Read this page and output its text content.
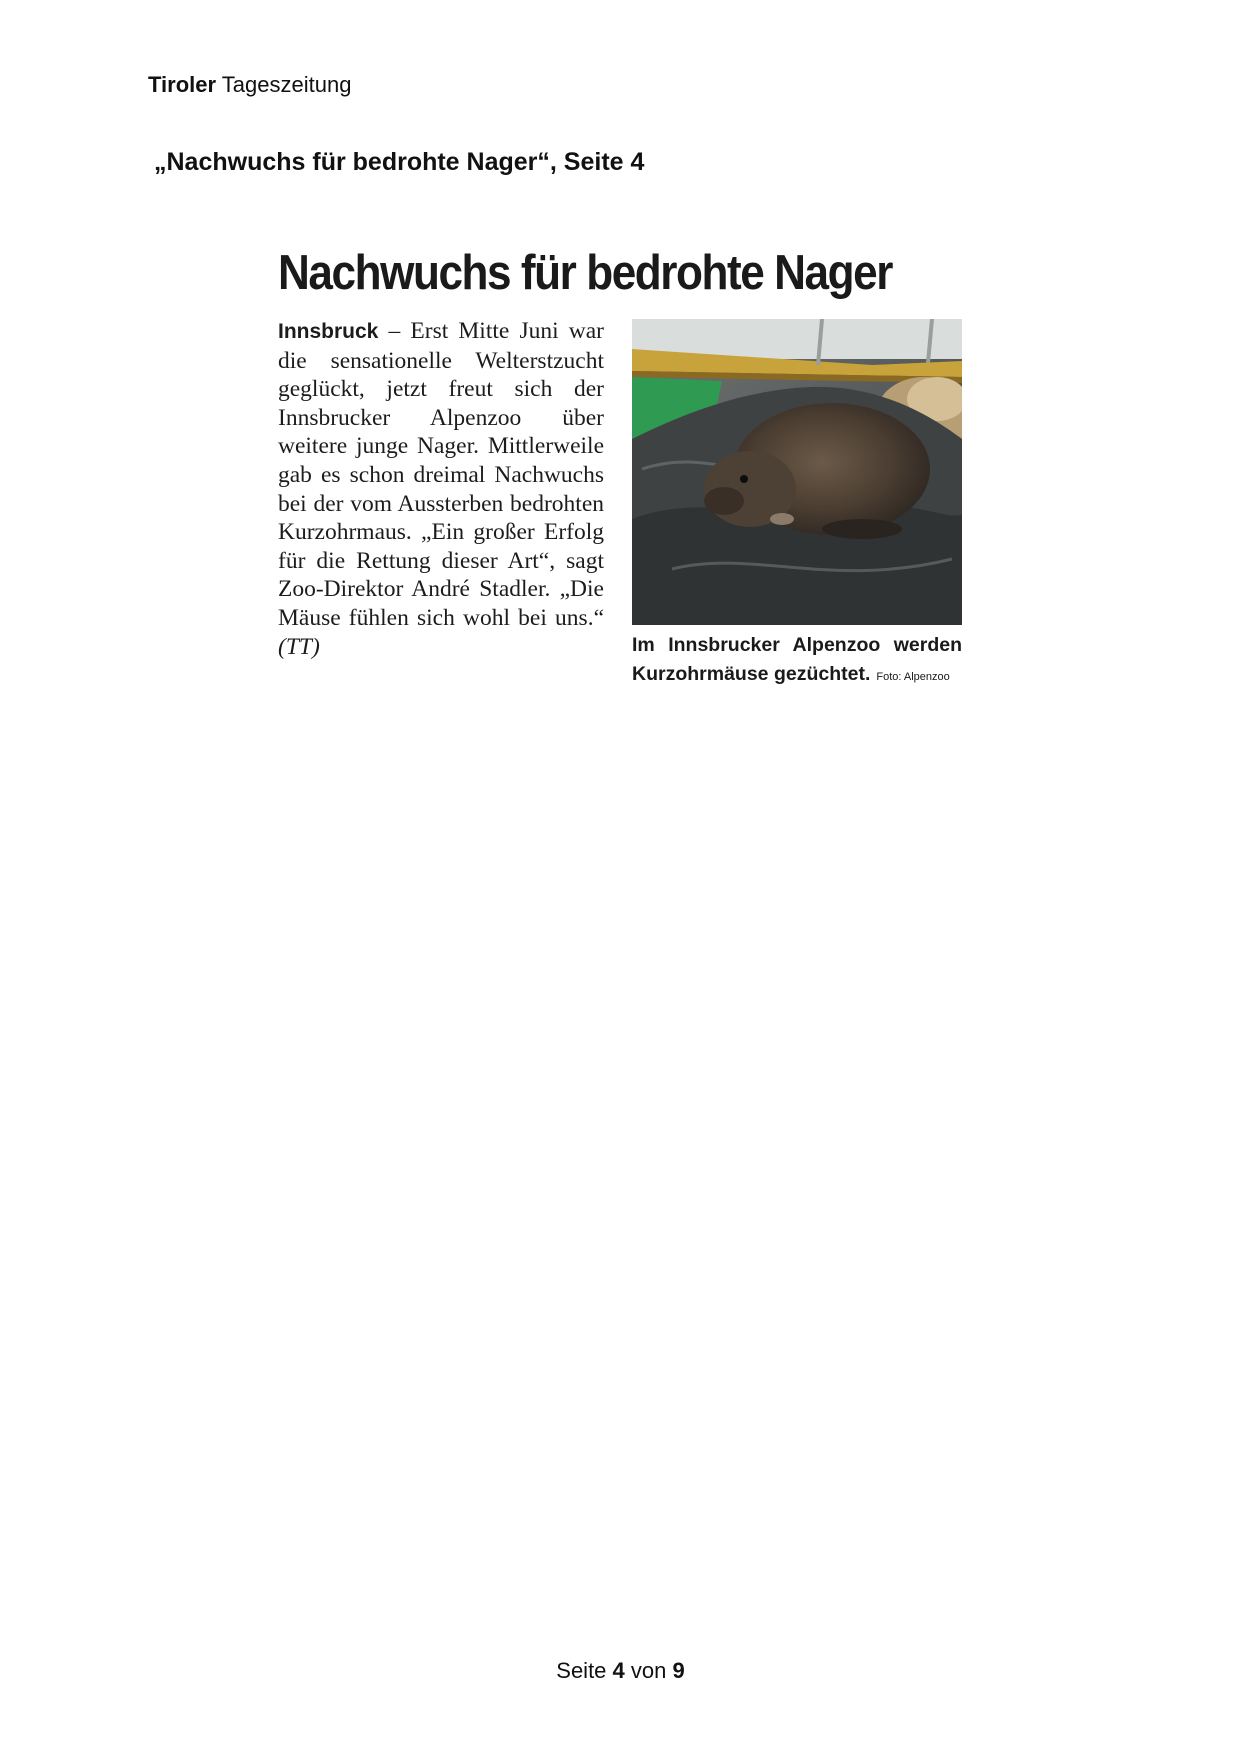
Tiroler Tageszeitung
„Nachwuchs für bedrohte Nager“, Seite 4
Nachwuchs für bedrohte Nager
Innsbruck – Erst Mitte Juni war die sensationelle Welterstzucht geglückt, jetzt freut sich der Innsbrucker Alpenzoo über weitere junge Nager. Mittlerweile gab es schon dreimal Nachwuchs bei der vom Aussterben bedrohten Kurzohrmaus. „Ein großer Erfolg für die Rettung dieser Art“, sagt Zoo-Direktor André Stadler. „Die Mäuse fühlen sich wohl bei uns.“ (TT)	Im Innsbrucker Alpenzoo werden Kurzohrmäuse gezüchtet. Foto: Alpenzoo
Seite 4 von 9
